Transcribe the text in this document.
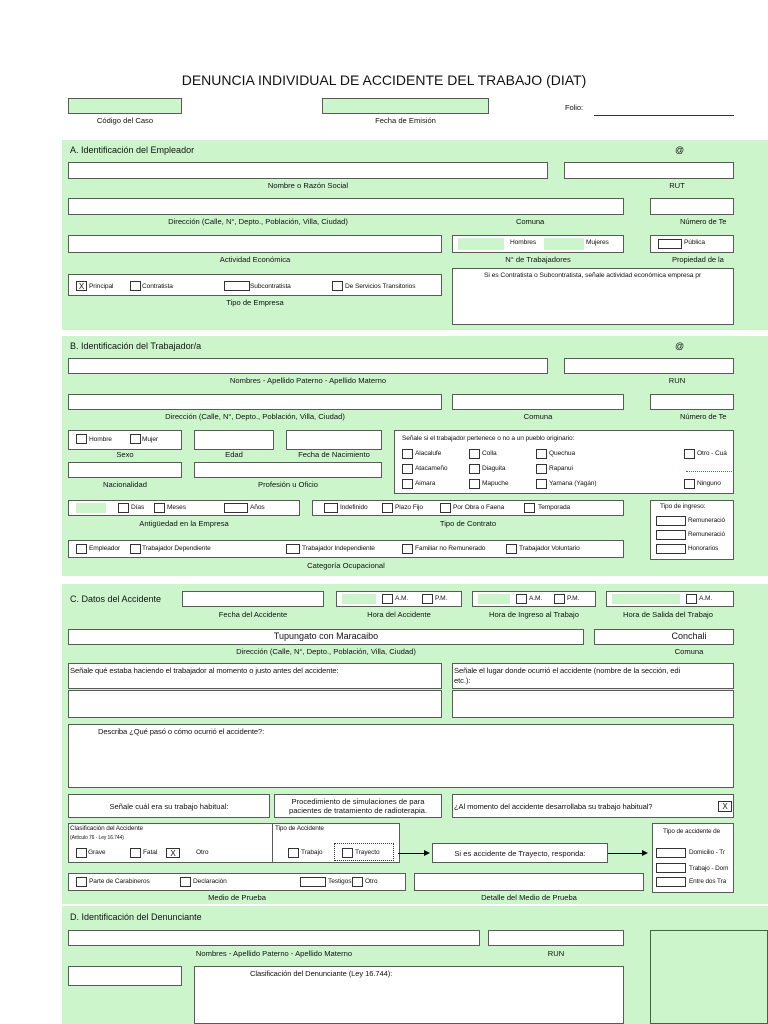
DENUNCIA INDIVIDUAL DE ACCIDENTE DEL TRABAJO (DIAT)
Código del Caso	Fecha de Emisión
Folio:
A. Identificación del Empleador	@
Nombre o Razón Social	RUT
Dirección (Calle, N°, Depto., Población, Villa, Ciudad)	Comuna	Número de Te
Hombres	Mujeres	Pública
Actividad Económica	N° de Trabajadores	Propiedad de la
X Principal	Contratista	Subcontratista	De Servicios Transitorios
Tipo de Empresa
Si es Contratista o Subcontratista, señale actividad económica empresa pr
B. Identificación del Trabajador/a	@
Nombres - Apellido Paterno - Apellido Materno	RUN
Dirección (Calle, N°, Depto., Población, Villa, Ciudad)	Comuna	Número de Te
Hombre	Mujer
Sexo	Edad	Fecha de Nacimiento
Señale si el trabajador pertenece o no a un pueblo originario:
Alacalufe	Colla	Quechua
Atacameño	Diaguita	Rapanui
Aimara	Mapuche	Yamana (Yagán)
Otro - Cuá
Ninguno
Nacionalidad	Profesión u Oficio
Días	Meses	Años
Antigüedad en la Empresa
Indefinido	Plazo Fijo	Por Obra o Faena	Temporada
Tipo de Contrato
Tipo de ingreso:
Remuneració
Remuneració
Honorarios
Empleador	Trabajador Dependiente	Trabajador Independiente	Familiar no Remunerado	Trabajador Voluntario
Categoría Ocupacional
C. Datos del Accidente
Fecha del Accidente
A.M.	P.M.
Hora del Accidente
A.M.	P.M.
Hora de Ingreso al Trabajo
A.M.
Hora de Salida del Trabajo
Tupungato con Maracaibo	Conchali
Dirección (Calle, N°, Depto., Población, Villa, Ciudad)	Comuna
Señale qué estaba haciendo el trabajador al momento o justo antes del accidente:	Señale el lugar donde ocurrió el accidente (nombre de la sección, edi
etc.):
Describa ¿Qué pasó o cómo ocurrió el accidente?:
Señale cuál era su trabajo habitual:
Procedimiento de simulaciones de para
pacientes de tratamiento de radioterapia.	¿Al momento del accidente desarrollaba su trabajo habitual?	X
Clasificación del Accidente
(Artículo 76 - Ley 16.744)
Grave	Fatal	X	Otro
Tipo de Accidente
Trabajo	Trayecto	Si es accidente de Trayecto, responda:
Tipo de accidente de
Domicilio - Tr
Trabajo - Dom
Entre dos Tra
Parte de Carabineros	Declaración	Testigos Otro
Medio de Prueba	Detalle del Medio de Prueba
D. Identificación del Denunciante
Nombres - Apellido Paterno - Apellido Materno	RUN
Clasificación del Denunciante (Ley 16.744):
